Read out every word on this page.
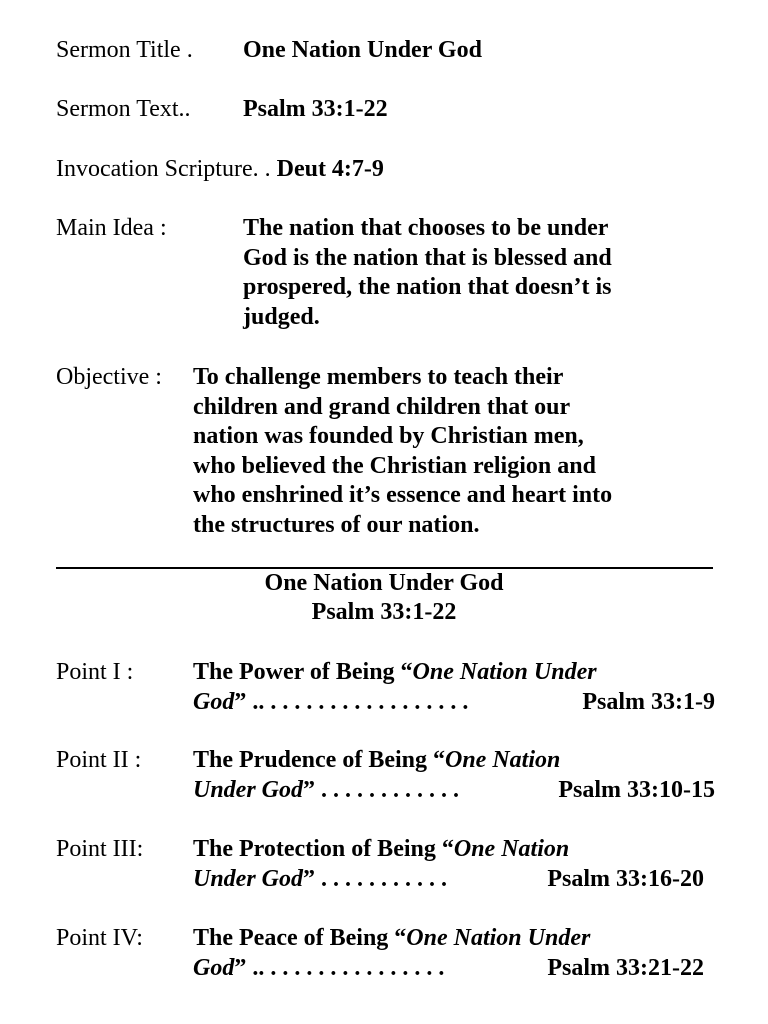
Sermon Title . One Nation Under God
Sermon Text.. Psalm 33:1-22
Invocation Scripture. . Deut 4:7-9
Main Idea :	The nation that chooses to be under
God is the nation that is blessed and
prospered, the nation that doesn’t is
judged.
Objective : To challenge members to teach their
children and grand children that our
nation was founded by Christian men,
who believed the Christian religion and
who enshrined it’s essence and heart into
the structures of our nation.
One Nation Under God
Psalm 33:1-22
Point I : The Power of Being “One Nation Under
God” .. . . . . . . . . . . . . . . . . .	Psalm 33:1-9
Point II : The Prudence of Being “One Nation
Under God” . . . . . . . . . . . .	Psalm 33:10-15
Point III: The Protection of Being “One Nation
Under God” . . . . . . . . . . .	Psalm 33:16-20
Point IV: The Peace of Being “One Nation Under
God” .. . . . . . . . . . . . . . . .	Psalm 33:21-22
